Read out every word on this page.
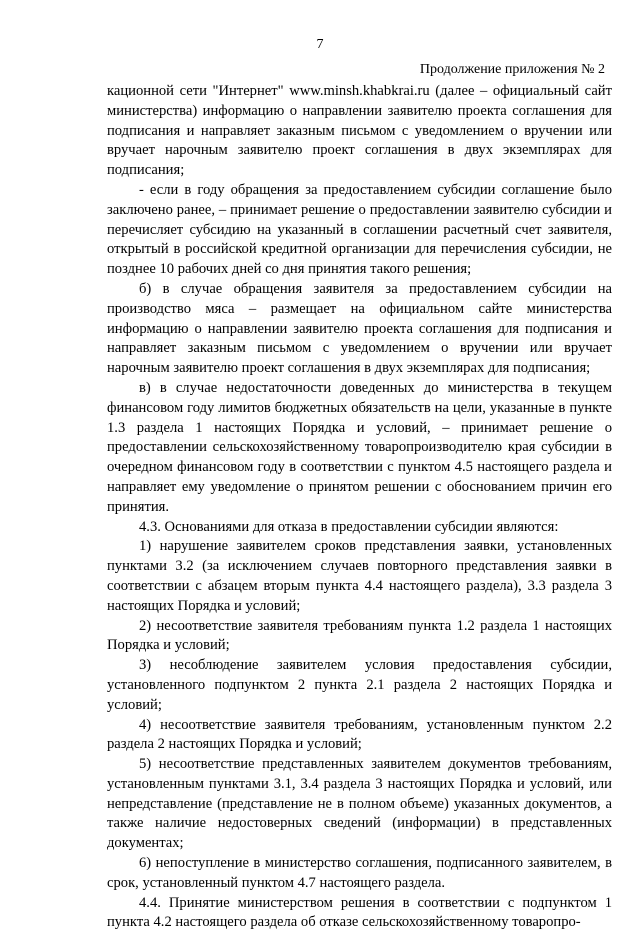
7
Продолжение приложения № 2

кационной сети "Интернет" www.minsh.khabkrai.ru (далее – официальный сайт министерства) информацию о направлении заявителю проекта соглашения для подписания и направляет заказным письмом с уведомлением о вручении или вручает нарочным заявителю проект соглашения в двух экземплярах для подписания;

- если в году обращения за предоставлением субсидии соглашение было заключено ранее, – принимает решение о предоставлении заявителю субсидии и перечисляет субсидию на указанный в соглашении расчетный счет заявителя, открытый в российской кредитной организации для перечисления субсидии, не позднее 10 рабочих дней со дня принятия такого решения;

б) в случае обращения заявителя за предоставлением субсидии на производство мяса – размещает на официальном сайте министерства информацию о направлении заявителю проекта соглашения для подписания и направляет заказным письмом с уведомлением о вручении или вручает нарочным заявителю проект соглашения в двух экземплярах для подписания;

в) в случае недостаточности доведенных до министерства в текущем финансовом году лимитов бюджетных обязательств на цели, указанные в пункте 1.3 раздела 1 настоящих Порядка и условий, – принимает решение о предоставлении сельскохозяйственному товаропроизводителю края субсидии в очередном финансовом году в соответствии с пунктом 4.5 настоящего раздела и направляет ему уведомление о принятом решении с обоснованием причин его принятия.

4.3. Основаниями для отказа в предоставлении субсидии являются:

1) нарушение заявителем сроков представления заявки, установленных пунктами 3.2 (за исключением случаев повторного представления заявки в соответствии с абзацем вторым пункта 4.4 настоящего раздела), 3.3 раздела 3 настоящих Порядка и условий;

2) несоответствие заявителя требованиям пункта 1.2 раздела 1 настоящих Порядка и условий;

3) несоблюдение заявителем условия предоставления субсидии, установленного подпунктом 2 пункта 2.1 раздела 2 настоящих Порядка и условий;

4) несоответствие заявителя требованиям, установленным пунктом 2.2 раздела 2 настоящих Порядка и условий;

5) несоответствие представленных заявителем документов требованиям, установленным пунктами 3.1, 3.4 раздела 3 настоящих Порядка и условий, или непредставление (представление не в полном объеме) указанных документов, а также наличие недостоверных сведений (информации) в представленных документах;

6) непоступление в министерство соглашения, подписанного заявителем, в срок, установленный пунктом 4.7 настоящего раздела.

4.4. Принятие министерством решения в соответствии с подпунктом 1 пункта 4.2 настоящего раздела об отказе сельскохозяйственному товаропро-
